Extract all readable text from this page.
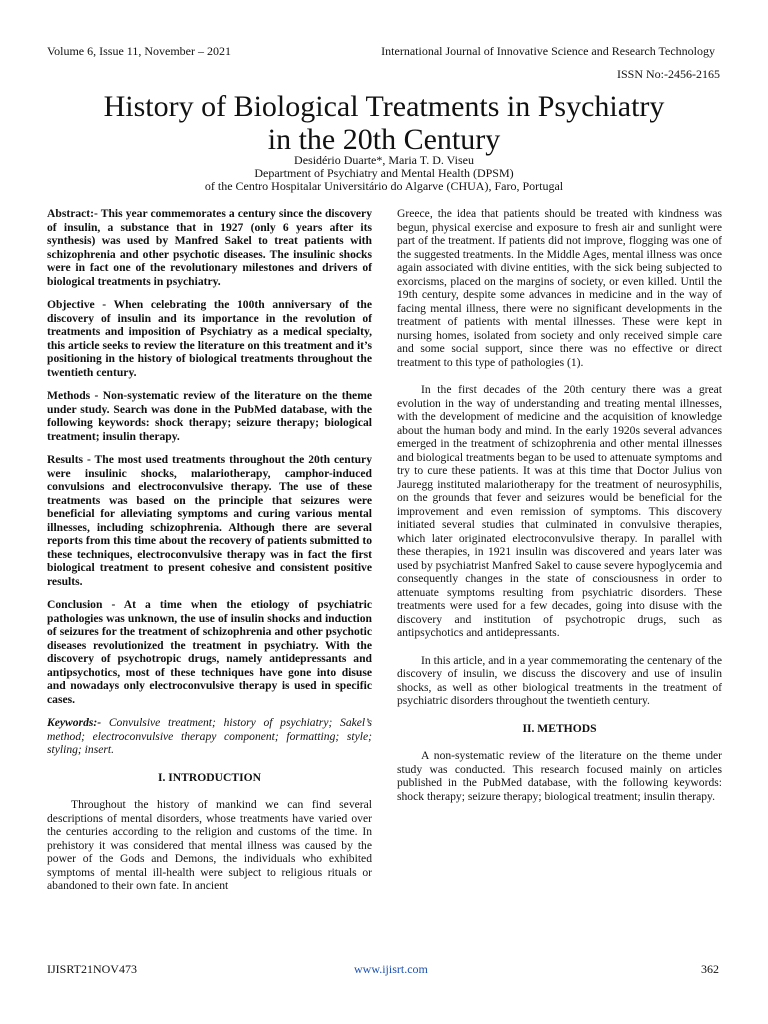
Volume 6, Issue 11, November – 2021	International Journal of Innovative Science and Research Technology
ISSN No:-2456-2165
History of Biological Treatments in Psychiatry
in the 20th Century
Desidério Duarte*, Maria T. D. Viseu
Department of Psychiatry and Mental Health (DPSM)
of the Centro Hospitalar Universitário do Algarve (CHUA), Faro, Portugal

Abstract:- This year commemorates a century since the discovery of insulin, a substance that in 1927 (only 6 years after its synthesis) was used by Manfred Sakel to treat patients with schizophrenia and other psychotic diseases. The insulinic shocks were in fact one of the revolutionary milestones and drivers of biological treatments in psychiatry.

Objective - When celebrating the 100th anniversary of the discovery of insulin and its importance in the revolution of treatments and imposition of Psychiatry as a medical specialty, this article seeks to review the literature on this treatment and it’s positioning in the history of biological treatments throughout the twentieth century.

Methods - Non-systematic review of the literature on the theme under study. Search was done in the PubMed database, with the following keywords: shock therapy; seizure therapy; biological treatment; insulin therapy.

Results - The most used treatments throughout the 20th century were insulinic shocks, malariotherapy, camphor-induced convulsions and electroconvulsive therapy. The use of these treatments was based on the principle that seizures were beneficial for alleviating symptoms and curing various mental illnesses, including schizophrenia. Although there are several reports from this time about the recovery of patients submitted to these techniques, electroconvulsive therapy was in fact the first biological treatment to present cohesive and consistent positive results.

Conclusion - At a time when the etiology of psychiatric pathologies was unknown, the use of insulin shocks and induction of seizures for the treatment of schizophrenia and other psychotic diseases revolutionized the treatment in psychiatry. With the discovery of psychotropic drugs, namely antidepressants and antipsychotics, most of these techniques have gone into disuse and nowadays only electroconvulsive therapy is used in specific cases.

Keywords:- Convulsive treatment; history of psychiatry; Sakel’s method; electroconvulsive therapy component; formatting; style; styling; insert.

I. INTRODUCTION

Throughout the history of mankind we can find several descriptions of mental disorders, whose treatments have varied over the centuries according to the religion and customs of the time. In prehistory it was considered that mental illness was caused by the power of the Gods and Demons, the individuals who exhibited symptoms of mental ill-health were subject to religious rituals or abandoned to their own fate. In ancient

Greece, the idea that patients should be treated with kindness was begun, physical exercise and exposure to fresh air and sunlight were part of the treatment. If patients did not improve, flogging was one of the suggested treatments. In the Middle Ages, mental illness was once again associated with divine entities, with the sick being subjected to exorcisms, placed on the margins of society, or even killed. Until the 19th century, despite some advances in medicine and in the way of facing mental illness, there were no significant developments in the treatment of patients with mental illnesses. These were kept in nursing homes, isolated from society and only received simple care and some social support, since there was no effective or direct treatment to this type of pathologies (1).

In the first decades of the 20th century there was a great evolution in the way of understanding and treating mental illnesses, with the development of medicine and the acquisition of knowledge about the human body and mind. In the early 1920s several advances emerged in the treatment of schizophrenia and other mental illnesses and biological treatments began to be used to attenuate symptoms and try to cure these patients. It was at this time that Doctor Julius von Jauregg instituted malariotherapy for the treatment of neurosyphilis, on the grounds that fever and seizures would be beneficial for the improvement and even remission of symptoms. This discovery initiated several studies that culminated in convulsive therapies, which later originated electroconvulsive therapy. In parallel with these therapies, in 1921 insulin was discovered and years later was used by psychiatrist Manfred Sakel to cause severe hypoglycemia and consequently changes in the state of consciousness in order to attenuate symptoms resulting from psychiatric disorders. These treatments were used for a few decades, going into disuse with the discovery and institution of psychotropic drugs, such as antipsychotics and antidepressants.

In this article, and in a year commemorating the centenary of the discovery of insulin, we discuss the discovery and use of insulin shocks, as well as other biological treatments in the treatment of psychiatric disorders throughout the twentieth century.

II. METHODS

A non-systematic review of the literature on the theme under study was conducted. This research focused mainly on articles published in the PubMed database, with the following keywords: shock therapy; seizure therapy; biological treatment; insulin therapy.

IJISRT21NOV473	www.ijisrt.com	362
